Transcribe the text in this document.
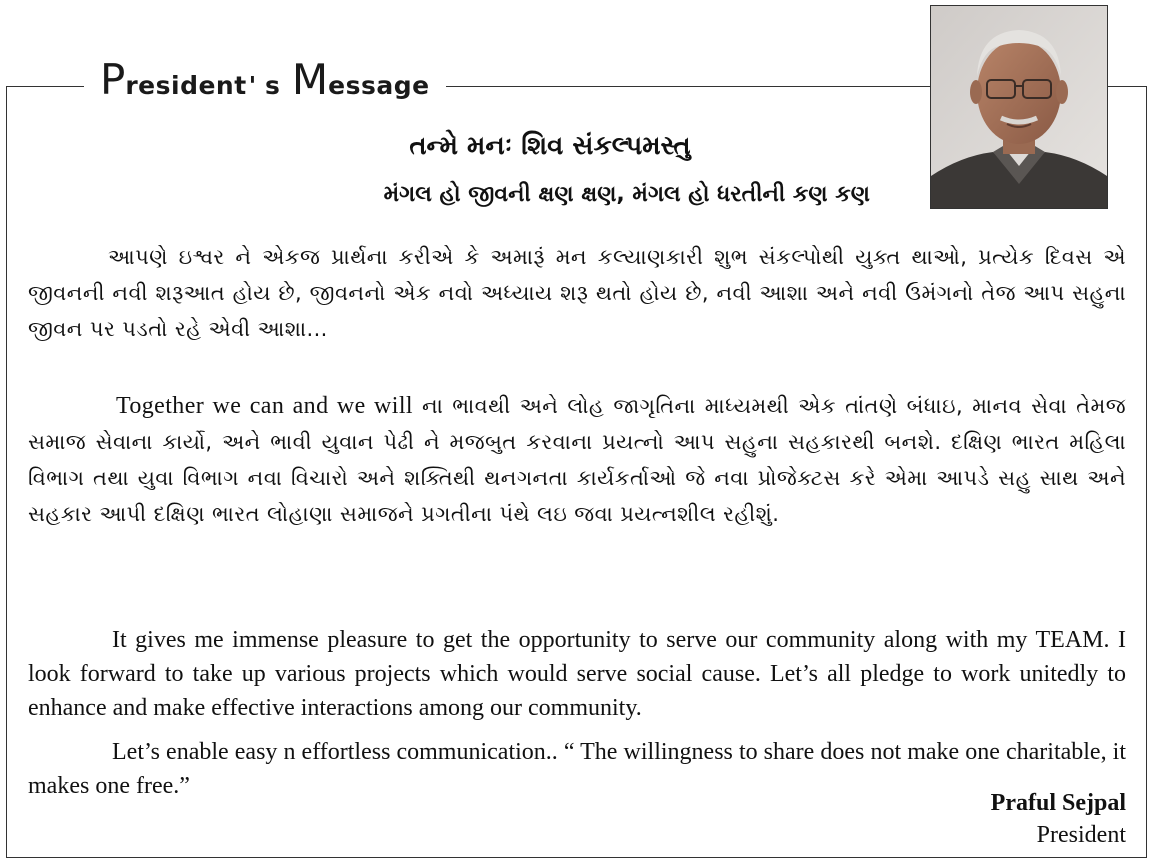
P resident ' s M essage
તન્મે મનઃ શિવ સંકલ્પમસ્તુ
મંગલ હો જીવની ક્ષણ ક્ષણ, મંગલ હો ધરતીની કણ કણ

આપણે ઇશ્વર ને એકજ પ્રાર્થના કરીએ કે અમારૂં મન કલ્યાણકારી શુભ સંકલ્પોથી યુક્ત થાઓ, પ્રત્યેક દિવસ એ જીવનની નવી શરૂઆત હોય છે, જીવનનો એક નવો અધ્યાય શરૂ થતો હોય છે, નવી આશા અને નવી ઉમંગનો તેજ આપ સહુના જીવન પર પડતો રહે એવી આશા...

Together we can and we will ના ભાવથી અને લોહ જાગૃતિના માધ્યમથી એક તાંતણે બંધાઇ, માનવ સેવા તેમજ સમાજ સેવાના કાર્યો, અને ભાવી યુવાન પેઢી ને મજબુત કરવાના પ્રયત્નો આપ સહુના સહકારથી બનશે. દક્ષિણ ભારત મહિલા વિભાગ તથા યુવા વિભાગ નવા વિચારો અને શક્તિથી થનગનતા કાર્યકર્તાઓ જે નવા પ્રોજેક્ટસ કરે એમા આપડે સહુ સાથ અને સહકાર આપી દક્ષિણ ભારત લોહાણા સમાજને પ્રગતીના પંથે લઇ જવા પ્રયત્નશીલ રહીશું.

It gives me immense pleasure to get the opportunity to serve our community along with my TEAM. I look forward to take up various projects which would serve social cause. Let’s all pledge to work unitedly to enhance and make effective interactions among our community.

Let’s enable easy n effortless communication.. “ The willingness to share does not make one charitable, it makes one free.”

Praful Sejpal
President
